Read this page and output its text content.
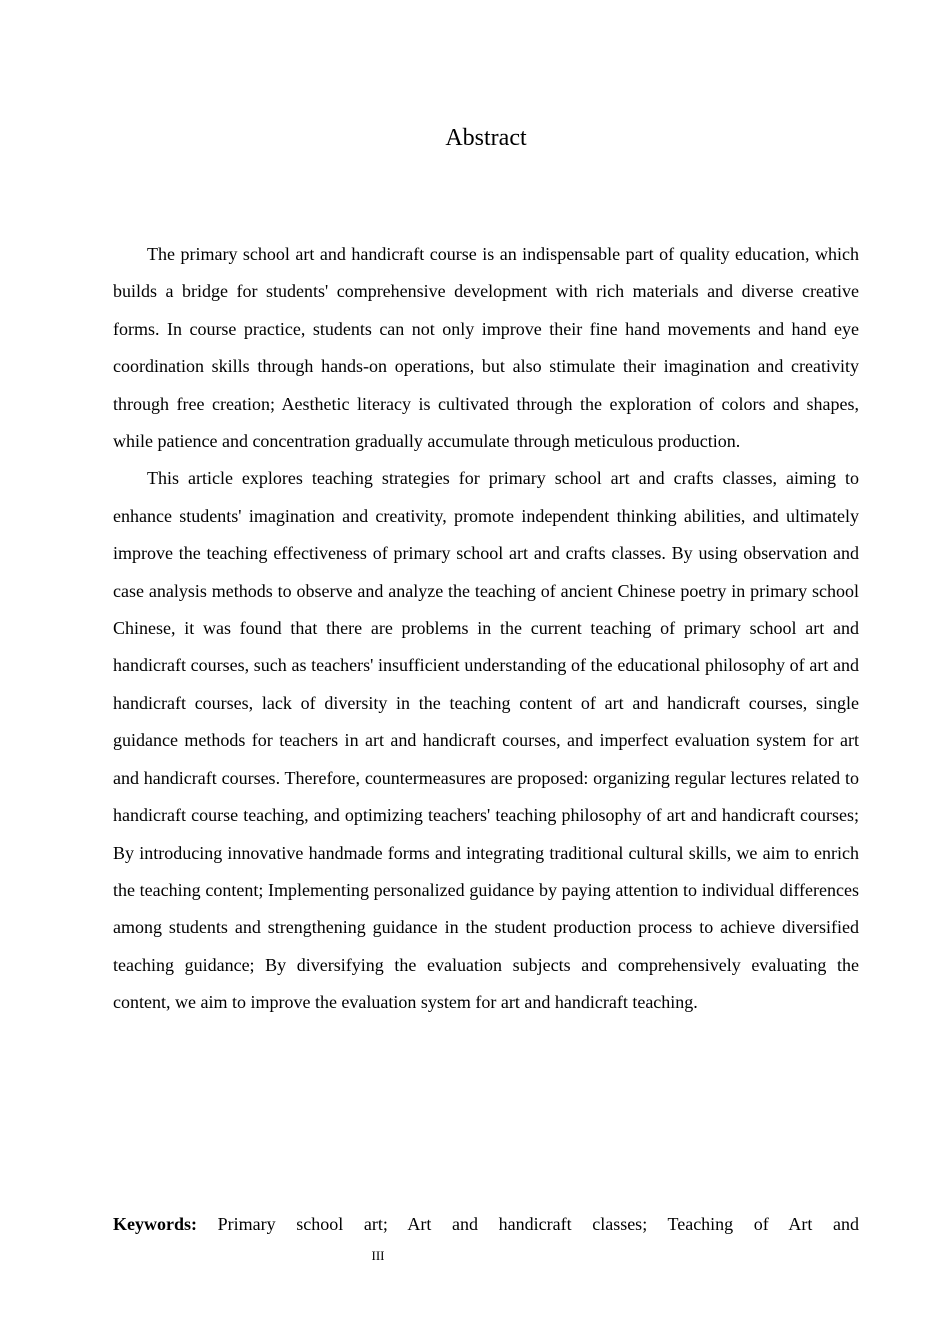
Abstract

The primary school art and handicraft course is an indispensable part of quality education, which builds a bridge for students' comprehensive development with rich materials and diverse creative forms. In course practice, students can not only improve their fine hand movements and hand eye coordination skills through hands-on operations, but also stimulate their imagination and creativity through free creation; Aesthetic literacy is cultivated through the exploration of colors and shapes, while patience and concentration gradually accumulate through meticulous production.

This article explores teaching strategies for primary school art and crafts classes, aiming to enhance students' imagination and creativity, promote independent thinking abilities, and ultimately improve the teaching effectiveness of primary school art and crafts classes. By using observation and case analysis methods to observe and analyze the teaching of ancient Chinese poetry in primary school Chinese, it was found that there are problems in the current teaching of primary school art and handicraft courses, such as teachers' insufficient understanding of the educational philosophy of art and handicraft courses, lack of diversity in the teaching content of art and handicraft courses, single guidance methods for teachers in art and handicraft courses, and imperfect evaluation system for art and handicraft courses. Therefore, countermeasures are proposed: organizing regular lectures related to handicraft course teaching, and optimizing teachers' teaching philosophy of art and handicraft courses; By introducing innovative handmade forms and integrating traditional cultural skills, we aim to enrich the teaching content; Implementing personalized guidance by paying attention to individual differences among students and strengthening guidance in the student production process to achieve diversified teaching guidance; By diversifying the evaluation subjects and comprehensively evaluating the content, we aim to improve the evaluation system for art and handicraft teaching.

Keywords: Primary school art; Art and handicraft classes; Teaching of Art and

III
